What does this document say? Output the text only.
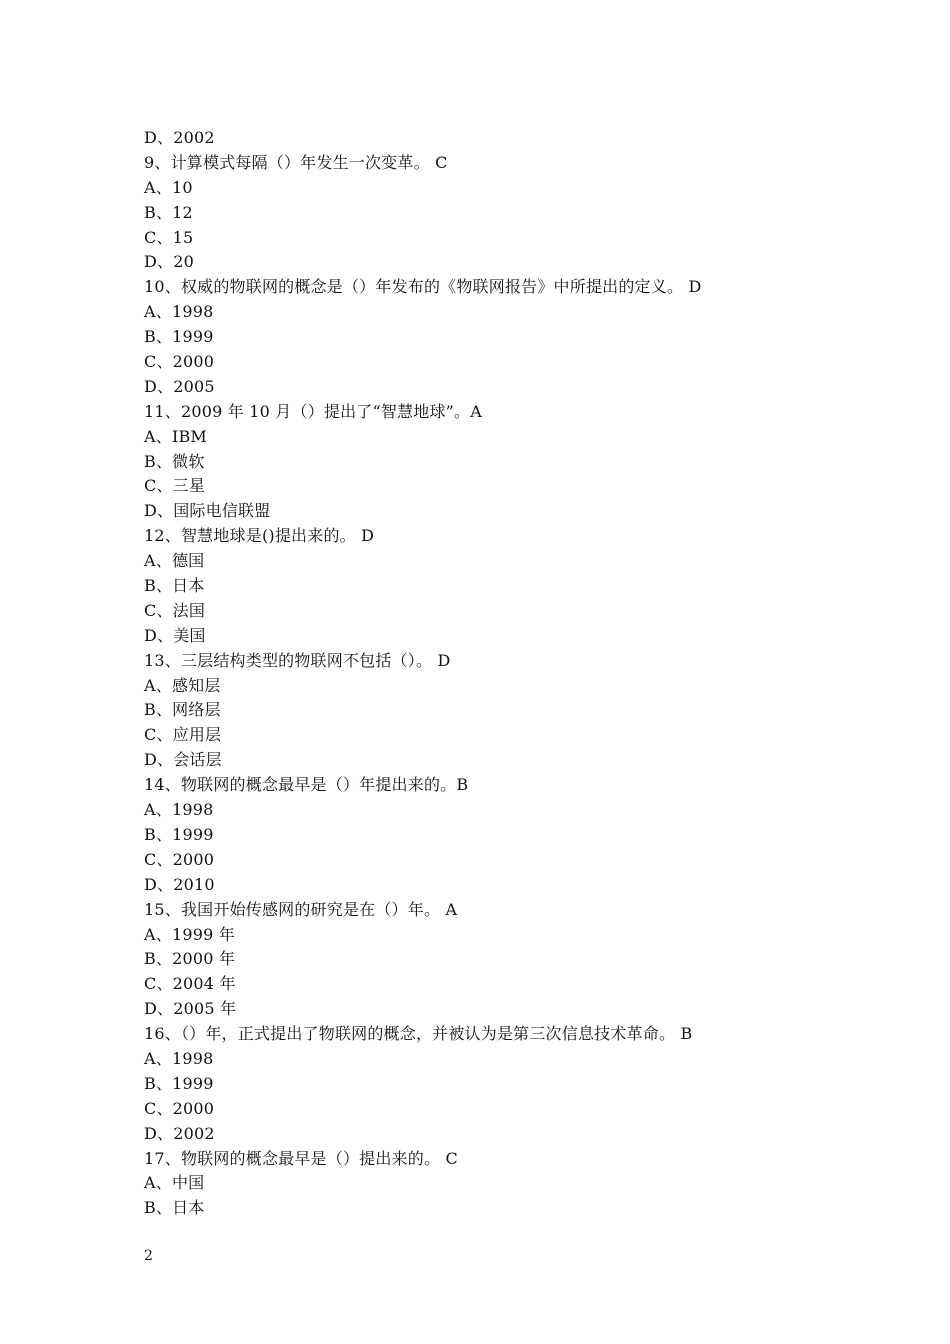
D、2002
9、计算模式每隔（）年发生一次变革。 C
A、10
B、12
C、15
D、20
10、权威的物联网的概念是（）年发布的《物联网报告》中所提出的定义。 D
A、1998
B、1999
C、2000
D、2005
11、2009 年 10 月（）提出了“智慧地球”。A
A、IBM
B、微软
C、三星
D、国际电信联盟
12、智慧地球是()提出来的。 D
A、德国
B、日本
C、法国
D、美国
13、三层结构类型的物联网不包括（）。 D
A、感知层
B、网络层
C、应用层
D、会话层
14、物联网的概念最早是（）年提出来的。B
A、1998
B、1999
C、2000
D、2010
15、我国开始传感网的研究是在（）年。 A
A、1999 年
B、2000 年
C、2004 年
D、2005 年
16、（）年，正式提出了物联网的概念，并被认为是第三次信息技术革命。 B
A、1998
B、1999
C、2000
D、2002
17、物联网的概念最早是（）提出来的。 C
A、中国
B、日本
2
